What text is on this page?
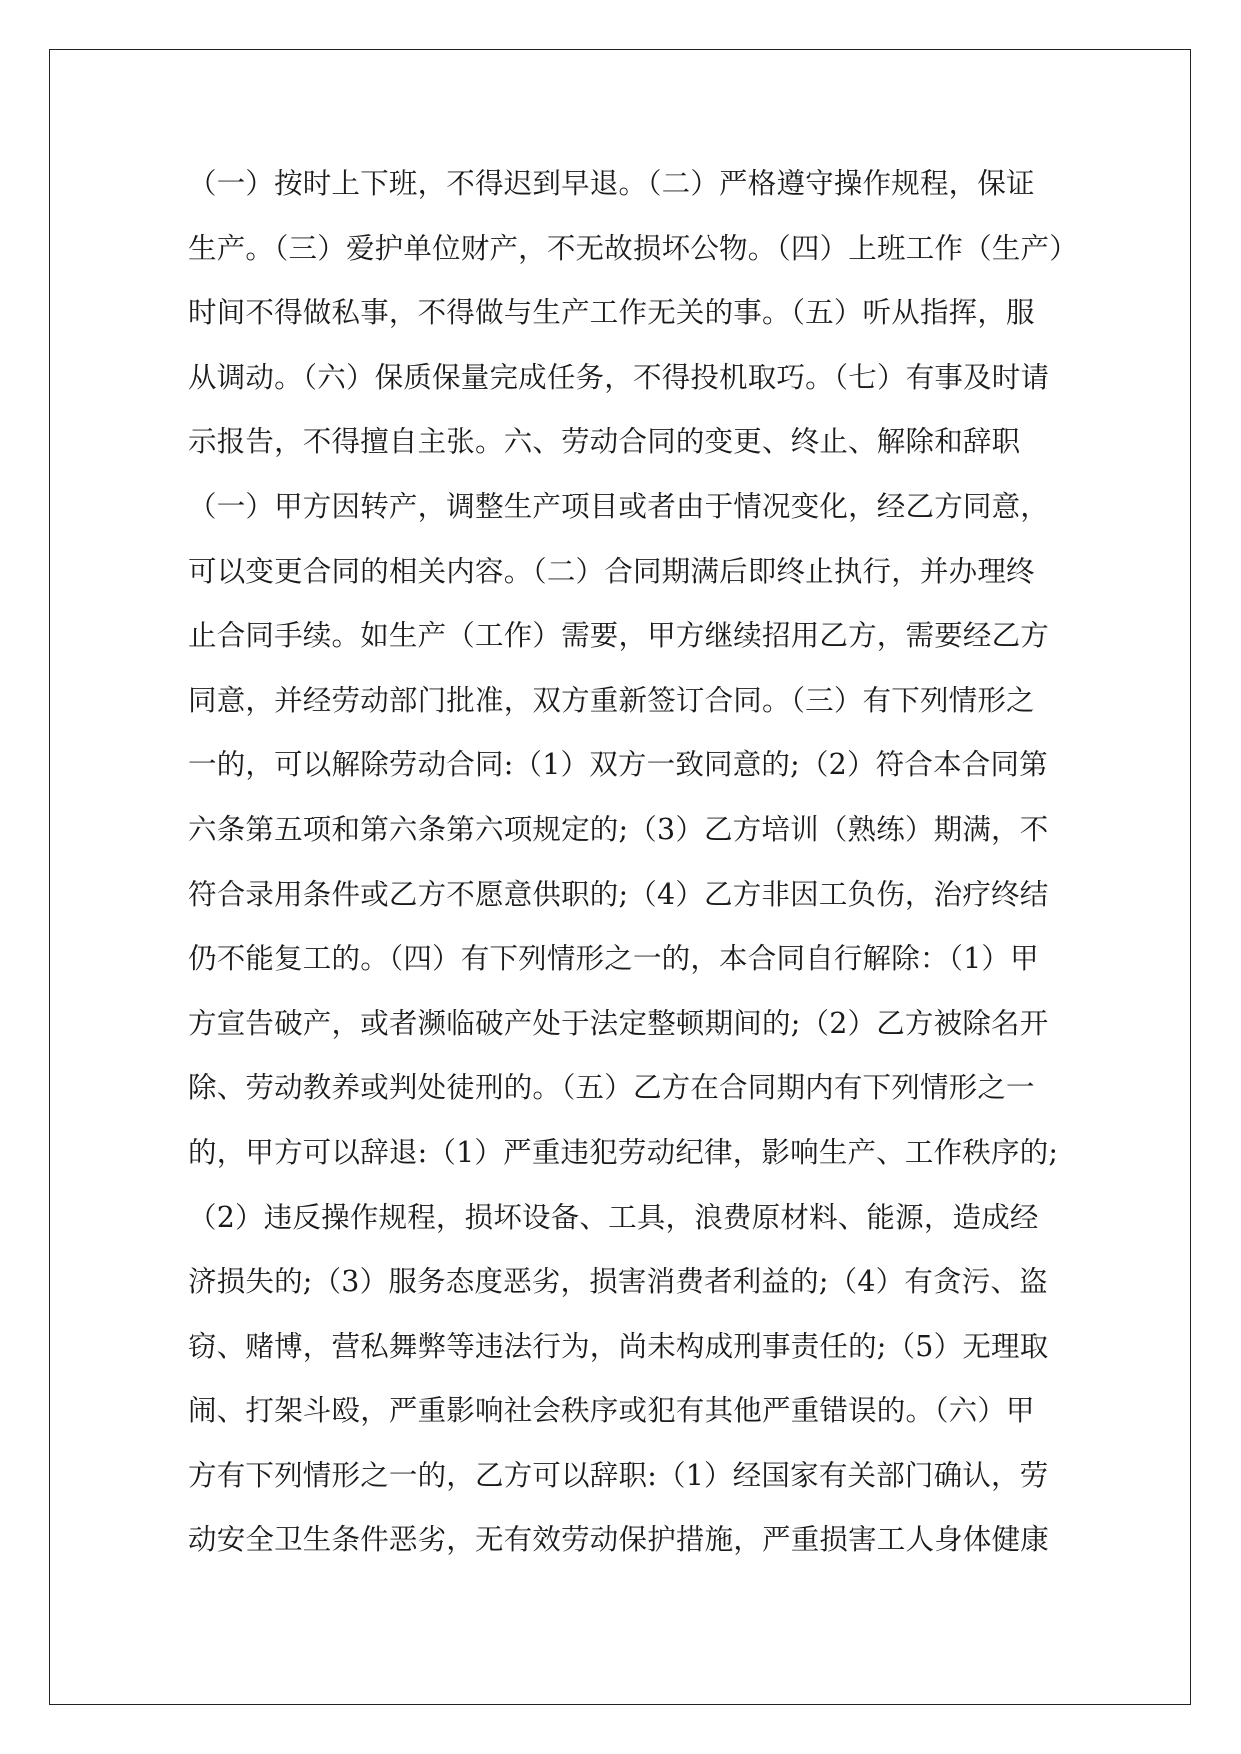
（一）按时上下班，不得迟到早退。（二）严格遵守操作规程，保证
生产。（三）爱护单位财产，不无故损坏公物。（四）上班工作（生产）
时间不得做私事，不得做与生产工作无关的事。（五）听从指挥，服
从调动。（六）保质保量完成任务，不得投机取巧。（七）有事及时请
示报告，不得擅自主张。六、劳动合同的变更、终止、解除和辞职
（一）甲方因转产，调整生产项目或者由于情况变化，经乙方同意，
可以变更合同的相关内容。（二）合同期满后即终止执行，并办理终
止合同手续。如生产（工作）需要，甲方继续招用乙方，需要经乙方
同意，并经劳动部门批准，双方重新签订合同。（三）有下列情形之
一的，可以解除劳动合同:（1）双方一致同意的;（2）符合本合同第
六条第五项和第六条第六项规定的;（3）乙方培训（熟练）期满，不
符合录用条件或乙方不愿意供职的;（4）乙方非因工负伤，治疗终结
仍不能复工的。（四）有下列情形之一的，本合同自行解除：（1）甲
方宣告破产，或者濒临破产处于法定整顿期间的;（2）乙方被除名开
除、劳动教养或判处徒刑的。（五）乙方在合同期内有下列情形之一
的，甲方可以辞退:（1）严重违犯劳动纪律，影响生产、工作秩序的;
（2）违反操作规程，损坏设备、工具，浪费原材料、能源，造成经
济损失的;（3）服务态度恶劣，损害消费者利益的;（4）有贪污、盗
窃、赌博，营私舞弊等违法行为，尚未构成刑事责任的;（5）无理取
闹、打架斗殴，严重影响社会秩序或犯有其他严重错误的。（六）甲
方有下列情形之一的，乙方可以辞职:（1）经国家有关部门确认，劳
动安全卫生条件恶劣，无有效劳动保护措施，严重损害工人身体健康
